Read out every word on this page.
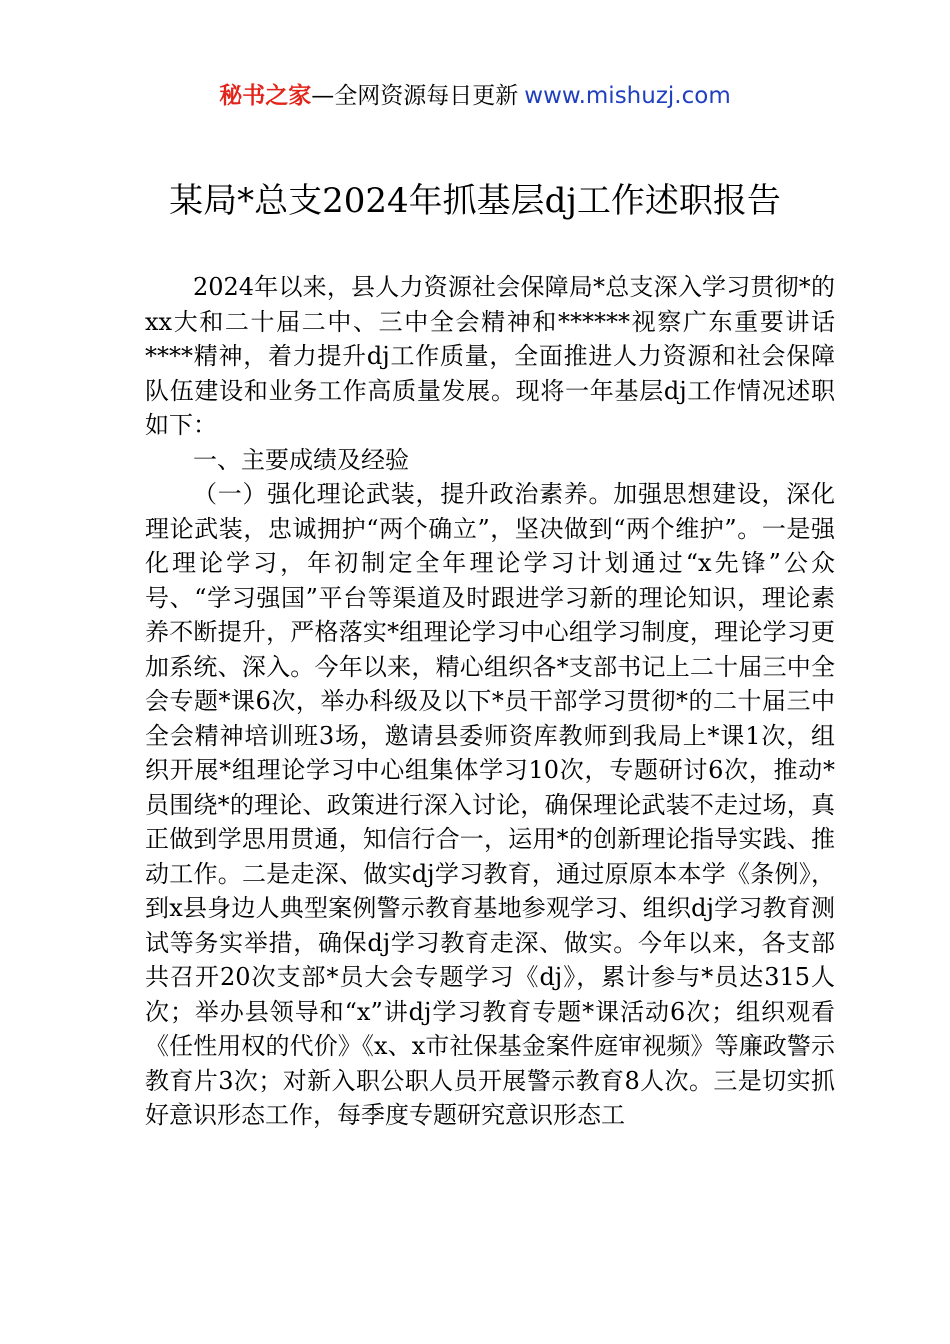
秘书之家—全网资源每日更新 www.mishuzj.com
某局*总支2024年抓基层dj工作述职报告

2024年以来，县人力资源社会保障局*总支深入学习贯彻*的xx大和二十届二中、三中全会精神和******视察广东重要讲话****精神，着力提升dj工作质量，全面推进人力资源和社会保障队伍建设和业务工作高质量发展。现将一年基层dj工作情况述职如下：

一、主要成绩及经验

（一）强化理论武装，提升政治素养。加强思想建设，深化理论武装，忠诚拥护“两个确立”，坚决做到“两个维护”。一是强化理论学习，年初制定全年理论学习计划通过“x先锋”公众号、“学习强国”平台等渠道及时跟进学习新的理论知识，理论素养不断提升，严格落实*组理论学习中心组学习制度，理论学习更加系统、深入。今年以来，精心组织各*支部书记上二十届三中全会专题*课6次，举办科级及以下*员干部学习贯彻*的二十届三中全会精神培训班3场，邀请县委师资库教师到我局上*课1次，组织开展*组理论学习中心组集体学习10次，专题研讨6次，推动*员围绕*的理论、政策进行深入讨论，确保理论武装不走过场，真正做到学思用贯通，知信行合一，运用*的创新理论指导实践、推动工作。二是走深、做实dj学习教育，通过原原本本学《条例》，到x县身边人典型案例警示教育基地参观学习、组织dj学习教育测试等务实举措，确保dj学习教育走深、做实。今年以来，各支部共召开20次支部*员大会专题学习《dj》，累计参与*员达315人次；举办县领导和“x”讲dj学习教育专题*课活动6次；组织观看《任性用权的代价》《x、x市社保基金案件庭审视频》等廉政警示教育片3次；对新入职公职人员开展警示教育8人次。三是切实抓好意识形态工作，每季度专题研究意识形态工
